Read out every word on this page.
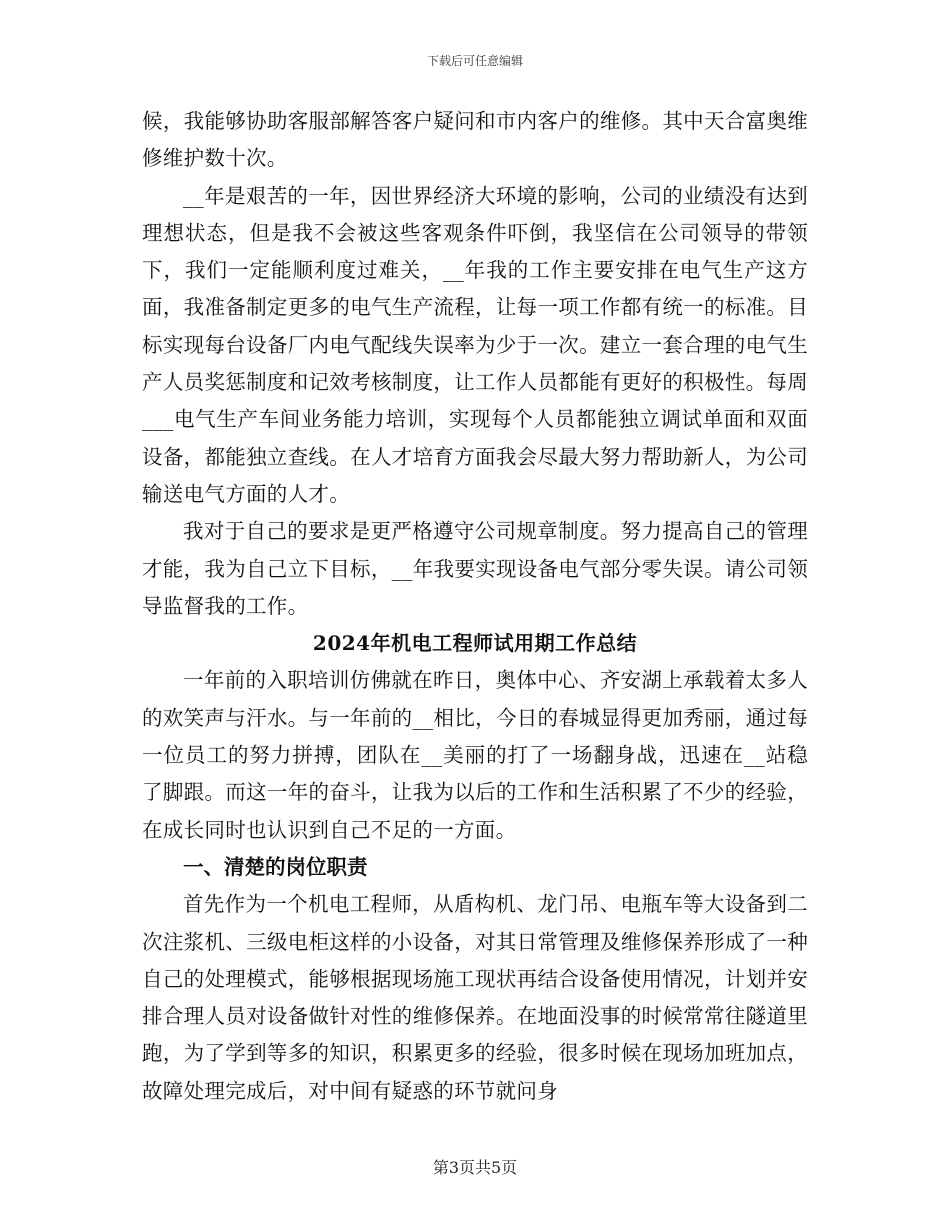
下载后可任意编辑

候，我能够协助客服部解答客户疑问和市内客户的维修。其中天合富奥维修维护数十次。

__年是艰苦的一年，因世界经济大环境的影响，公司的业绩没有达到理想状态，但是我不会被这些客观条件吓倒，我坚信在公司领导的带领下，我们一定能顺利度过难关，__年我的工作主要安排在电气生产这方面，我准备制定更多的电气生产流程，让每一项工作都有统一的标准。目标实现每台设备厂内电气配线失误率为少于一次。建立一套合理的电气生产人员奖惩制度和记效考核制度，让工作人员都能有更好的积极性。每周___电气生产车间业务能力培训，实现每个人员都能独立调试单面和双面设备，都能独立查线。在人才培育方面我会尽最大努力帮助新人，为公司输送电气方面的人才。

我对于自己的要求是更严格遵守公司规章制度。努力提高自己的管理才能，我为自己立下目标，__年我要实现设备电气部分零失误。请公司领导监督我的工作。

2024年机电工程师试用期工作总结

一年前的入职培训仿佛就在昨日，奥体中心、齐安湖上承载着太多人的欢笑声与汗水。与一年前的__相比，今日的春城显得更加秀丽，通过每一位员工的努力拼搏，团队在__美丽的打了一场翻身战，迅速在__站稳了脚跟。而这一年的奋斗，让我为以后的工作和生活积累了不少的经验，在成长同时也认识到自己不足的一方面。

一、清楚的岗位职责

首先作为一个机电工程师，从盾构机、龙门吊、电瓶车等大设备到二次注浆机、三级电柜这样的小设备，对其日常管理及维修保养形成了一种自己的处理模式，能够根据现场施工现状再结合设备使用情况，计划并安排合理人员对设备做针对性的维修保养。在地面没事的时候常常往隧道里跑，为了学到等多的知识，积累更多的经验，很多时候在现场加班加点，故障处理完成后，对中间有疑惑的环节就问身

第3页共5页
